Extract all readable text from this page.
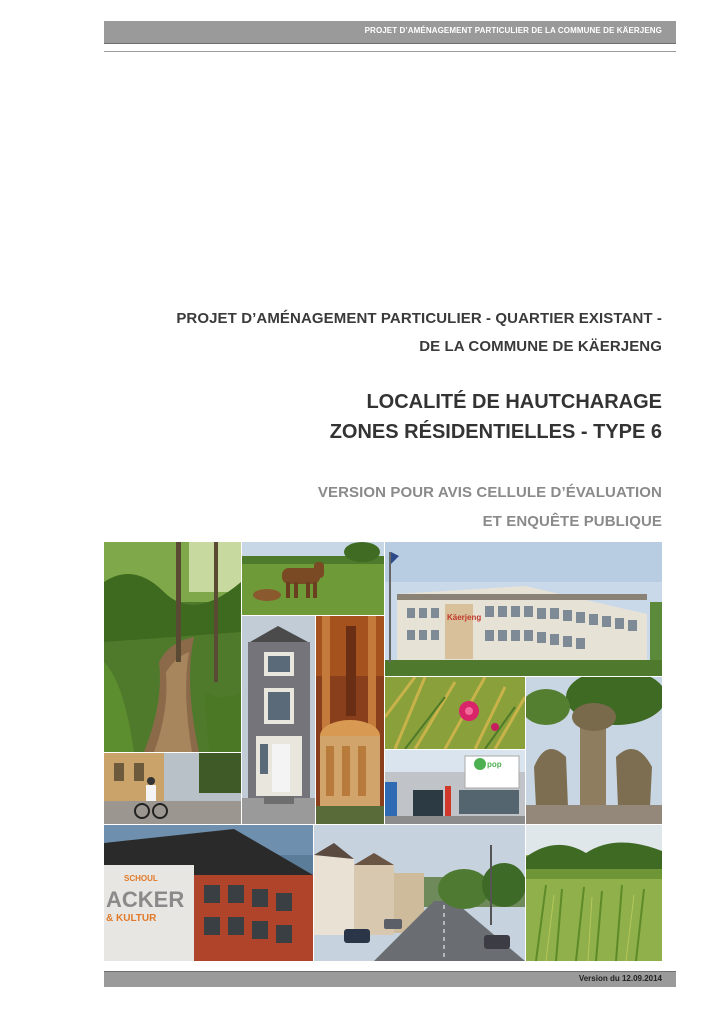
PROJET D’AMÉNAGEMENT PARTICULIER DE LA COMMUNE DE KÄERJENG
PROJET D’AMÉNAGEMENT PARTICULIER - QUARTIER EXISTANT -
DE LA COMMUNE DE KÄERJENG
LOCALITÉ DE HAUTCHARAGE
ZONES RÉSIDENTIELLES - TYPE 6
VERSION POUR AVIS CELLULE D’ÉVALUATION
ET ENQUÊTE PUBLIQUE
Käerjeng
pop
SCHOUL
ACKER
& KULTUR
Version du 12.09.2014
